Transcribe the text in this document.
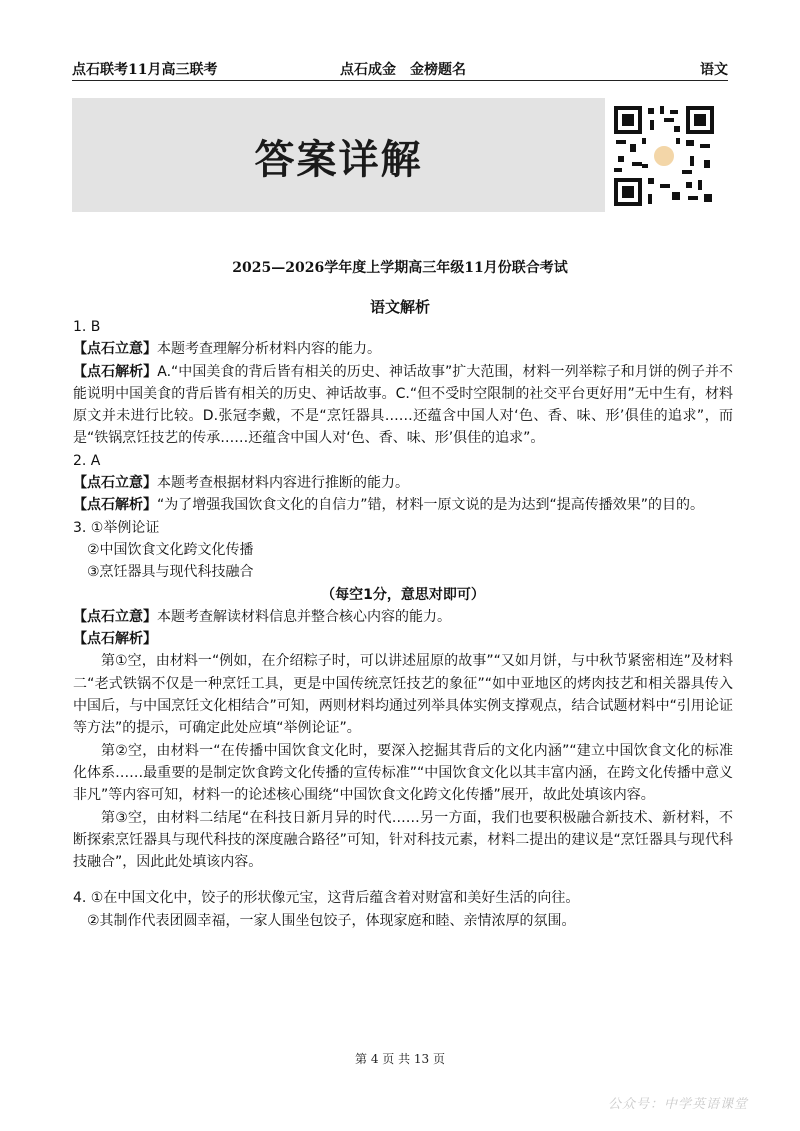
点石联考11月高三联考	点石成金　金榜题名	语文
答案详解
2025—2026学年度上学期高三年级11月份联合考试
语文解析
1. B
【点石立意】本题考查理解分析材料内容的能力。
【点石解析】A.“中国美食的背后皆有相关的历史、神话故事”扩大范围，材料一列举粽子和月饼的例子并不能说明中国美食的背后皆有相关的历史、神话故事。C.“但不受时空限制的社交平台更好用”无中生有，材料原文并未进行比较。D.张冠李戴，不是“烹饪器具……还蕴含中国人对‘色、香、味、形’俱佳的追求”，而是“铁锅烹饪技艺的传承……还蕴含中国人对‘色、香、味、形’俱佳的追求”。
2. A
【点石立意】本题考查根据材料内容进行推断的能力。
【点石解析】“为了增强我国饮食文化的自信力”错，材料一原文说的是为达到“提高传播效果”的目的。
3. ①举例论证
②中国饮食文化跨文化传播
③烹饪器具与现代科技融合
（每空1分，意思对即可）
【点石立意】本题考查解读材料信息并整合核心内容的能力。
【点石解析】
第①空，由材料一“例如，在介绍粽子时，可以讲述屈原的故事”“又如月饼，与中秋节紧密相连”及材料二“老式铁锅不仅是一种烹饪工具，更是中国传统烹饪技艺的象征”“如中亚地区的烤肉技艺和相关器具传入中国后，与中国烹饪文化相结合”可知，两则材料均通过列举具体实例支撑观点，结合试题材料中“引用论证等方法”的提示，可确定此处应填“举例论证”。
第②空，由材料一“在传播中国饮食文化时，要深入挖掘其背后的文化内涵”“建立中国饮食文化的标准化体系……最重要的是制定饮食跨文化传播的宣传标准”“中国饮食文化以其丰富内涵，在跨文化传播中意义非凡”等内容可知，材料一的论述核心围绕“中国饮食文化跨文化传播”展开，故此处填该内容。
第③空，由材料二结尾“在科技日新月异的时代……另一方面，我们也要积极融合新技术、新材料，不断探索烹饪器具与现代科技的深度融合路径”可知，针对科技元素，材料二提出的建议是“烹饪器具与现代科技融合”，因此此处填该内容。
4. ①在中国文化中，饺子的形状像元宝，这背后蕴含着对财富和美好生活的向往。
②其制作代表团圆幸福，一家人围坐包饺子，体现家庭和睦、亲情浓厚的氛围。
第 4 页 共 13 页
公众号：中学英语课堂
